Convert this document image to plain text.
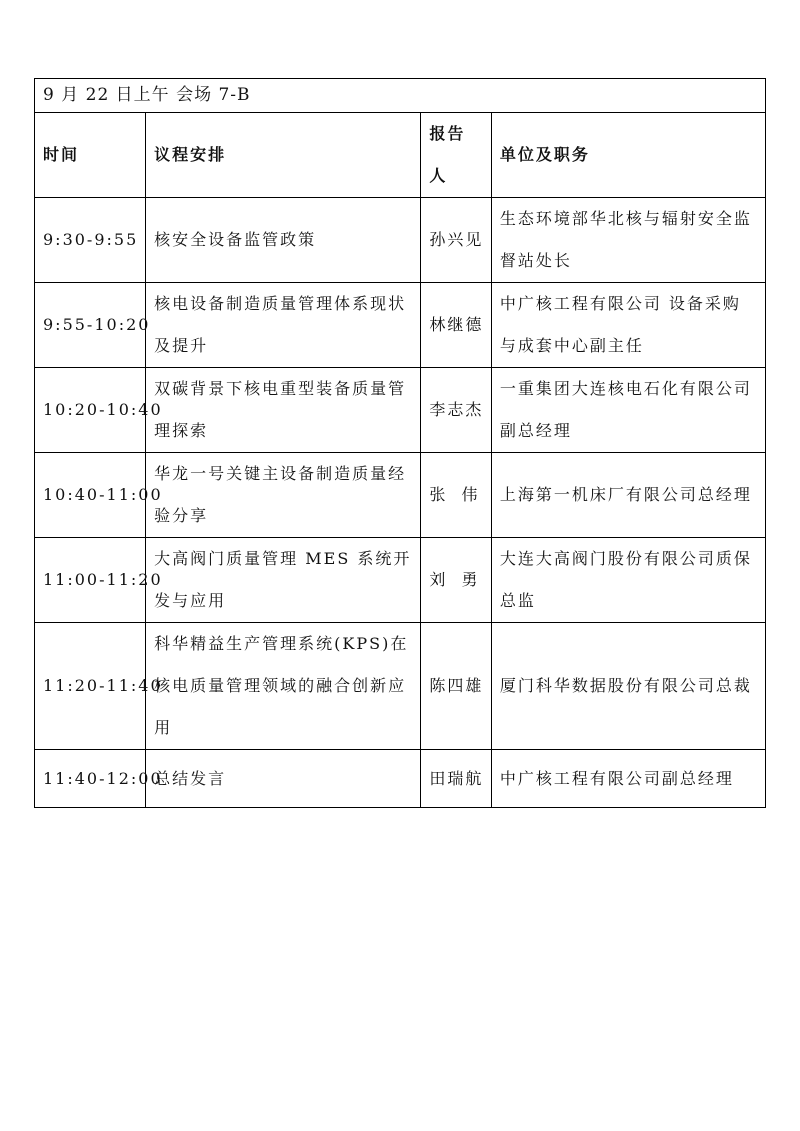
9 月 22 日上午 会场 7-B			
时间	议程安排	报告人	单位及职务
9:30-9:55	核安全设备监管政策	孙兴见	生态环境部华北核与辐射安全监督站处长
9:55-10:20	核电设备制造质量管理体系现状及提升	林继德	中广核工程有限公司 设备采购与成套中心副主任
10:20-10:40	双碳背景下核电重型装备质量管理探索	李志杰	一重集团大连核电石化有限公司副总经理
10:40-11:00	华龙一号关键主设备制造质量经验分享	张  伟	上海第一机床厂有限公司总经理
11:00-11:20	大高阀门质量管理 MES 系统开发与应用	刘  勇	大连大高阀门股份有限公司质保总监
11:20-11:40	科华精益生产管理系统(KPS)在核电质量管理领域的融合创新应用	陈四雄	厦门科华数据股份有限公司总裁
11:40-12:00	总结发言	田瑞航	中广核工程有限公司副总经理
